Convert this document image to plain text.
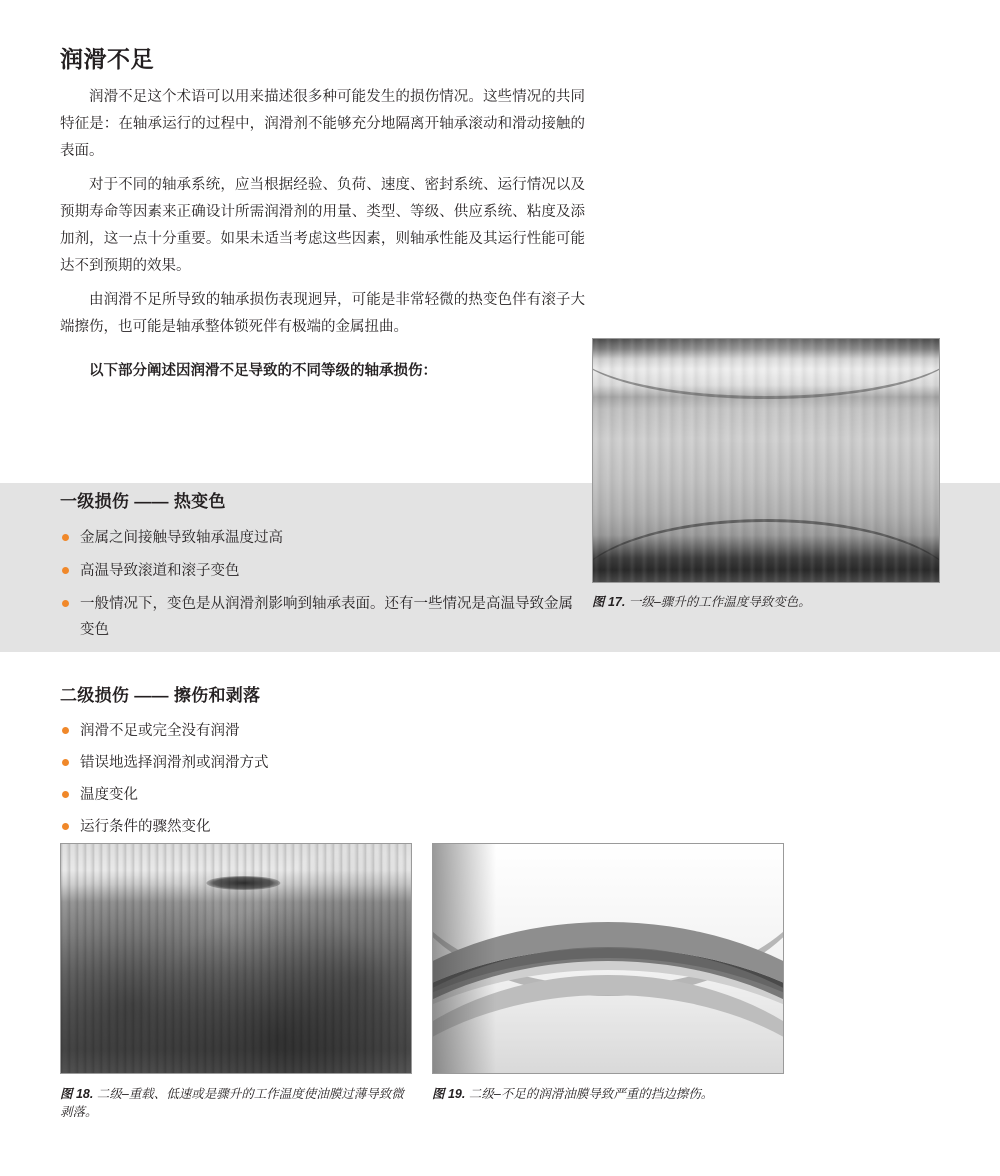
润滑不足

润滑不足这个术语可以用来描述很多种可能发生的损伤情况。这些情况的共同特征是：在轴承运行的过程中，润滑剂不能够充分地隔离开轴承滚动和滑动接触的表面。

对于不同的轴承系统，应当根据经验、负荷、速度、密封系统、运行情况以及预期寿命等因素来正确设计所需润滑剂的用量、类型、等级、供应系统、粘度及添加剂，这一点十分重要。如果未适当考虑这些因素，则轴承性能及其运行性能可能达不到预期的效果。

由润滑不足所导致的轴承损伤表现迥异，可能是非常轻微的热变色伴有滚子大端擦伤，也可能是轴承整体锁死伴有极端的金属扭曲。

以下部分阐述因润滑不足导致的不同等级的轴承损伤：

一级损伤 —— 热变色
金属之间接触导致轴承温度过高
高温导致滚道和滚子变色
一般情况下，变色是从润滑剂影响到轴承表面。还有一些情况是高温导致金属变色
二级损伤 —— 擦伤和剥落
润滑不足或完全没有润滑
错误地选择润滑剂或润滑方式
温度变化
运行条件的骤然变化
图 17. 一级–骤升的工作温度导致变色。
图 18. 二级–重载、低速或是骤升的工作温度使油膜过薄导致微剥落。
图 19. 二级–不足的润滑油膜导致严重的挡边擦伤。
